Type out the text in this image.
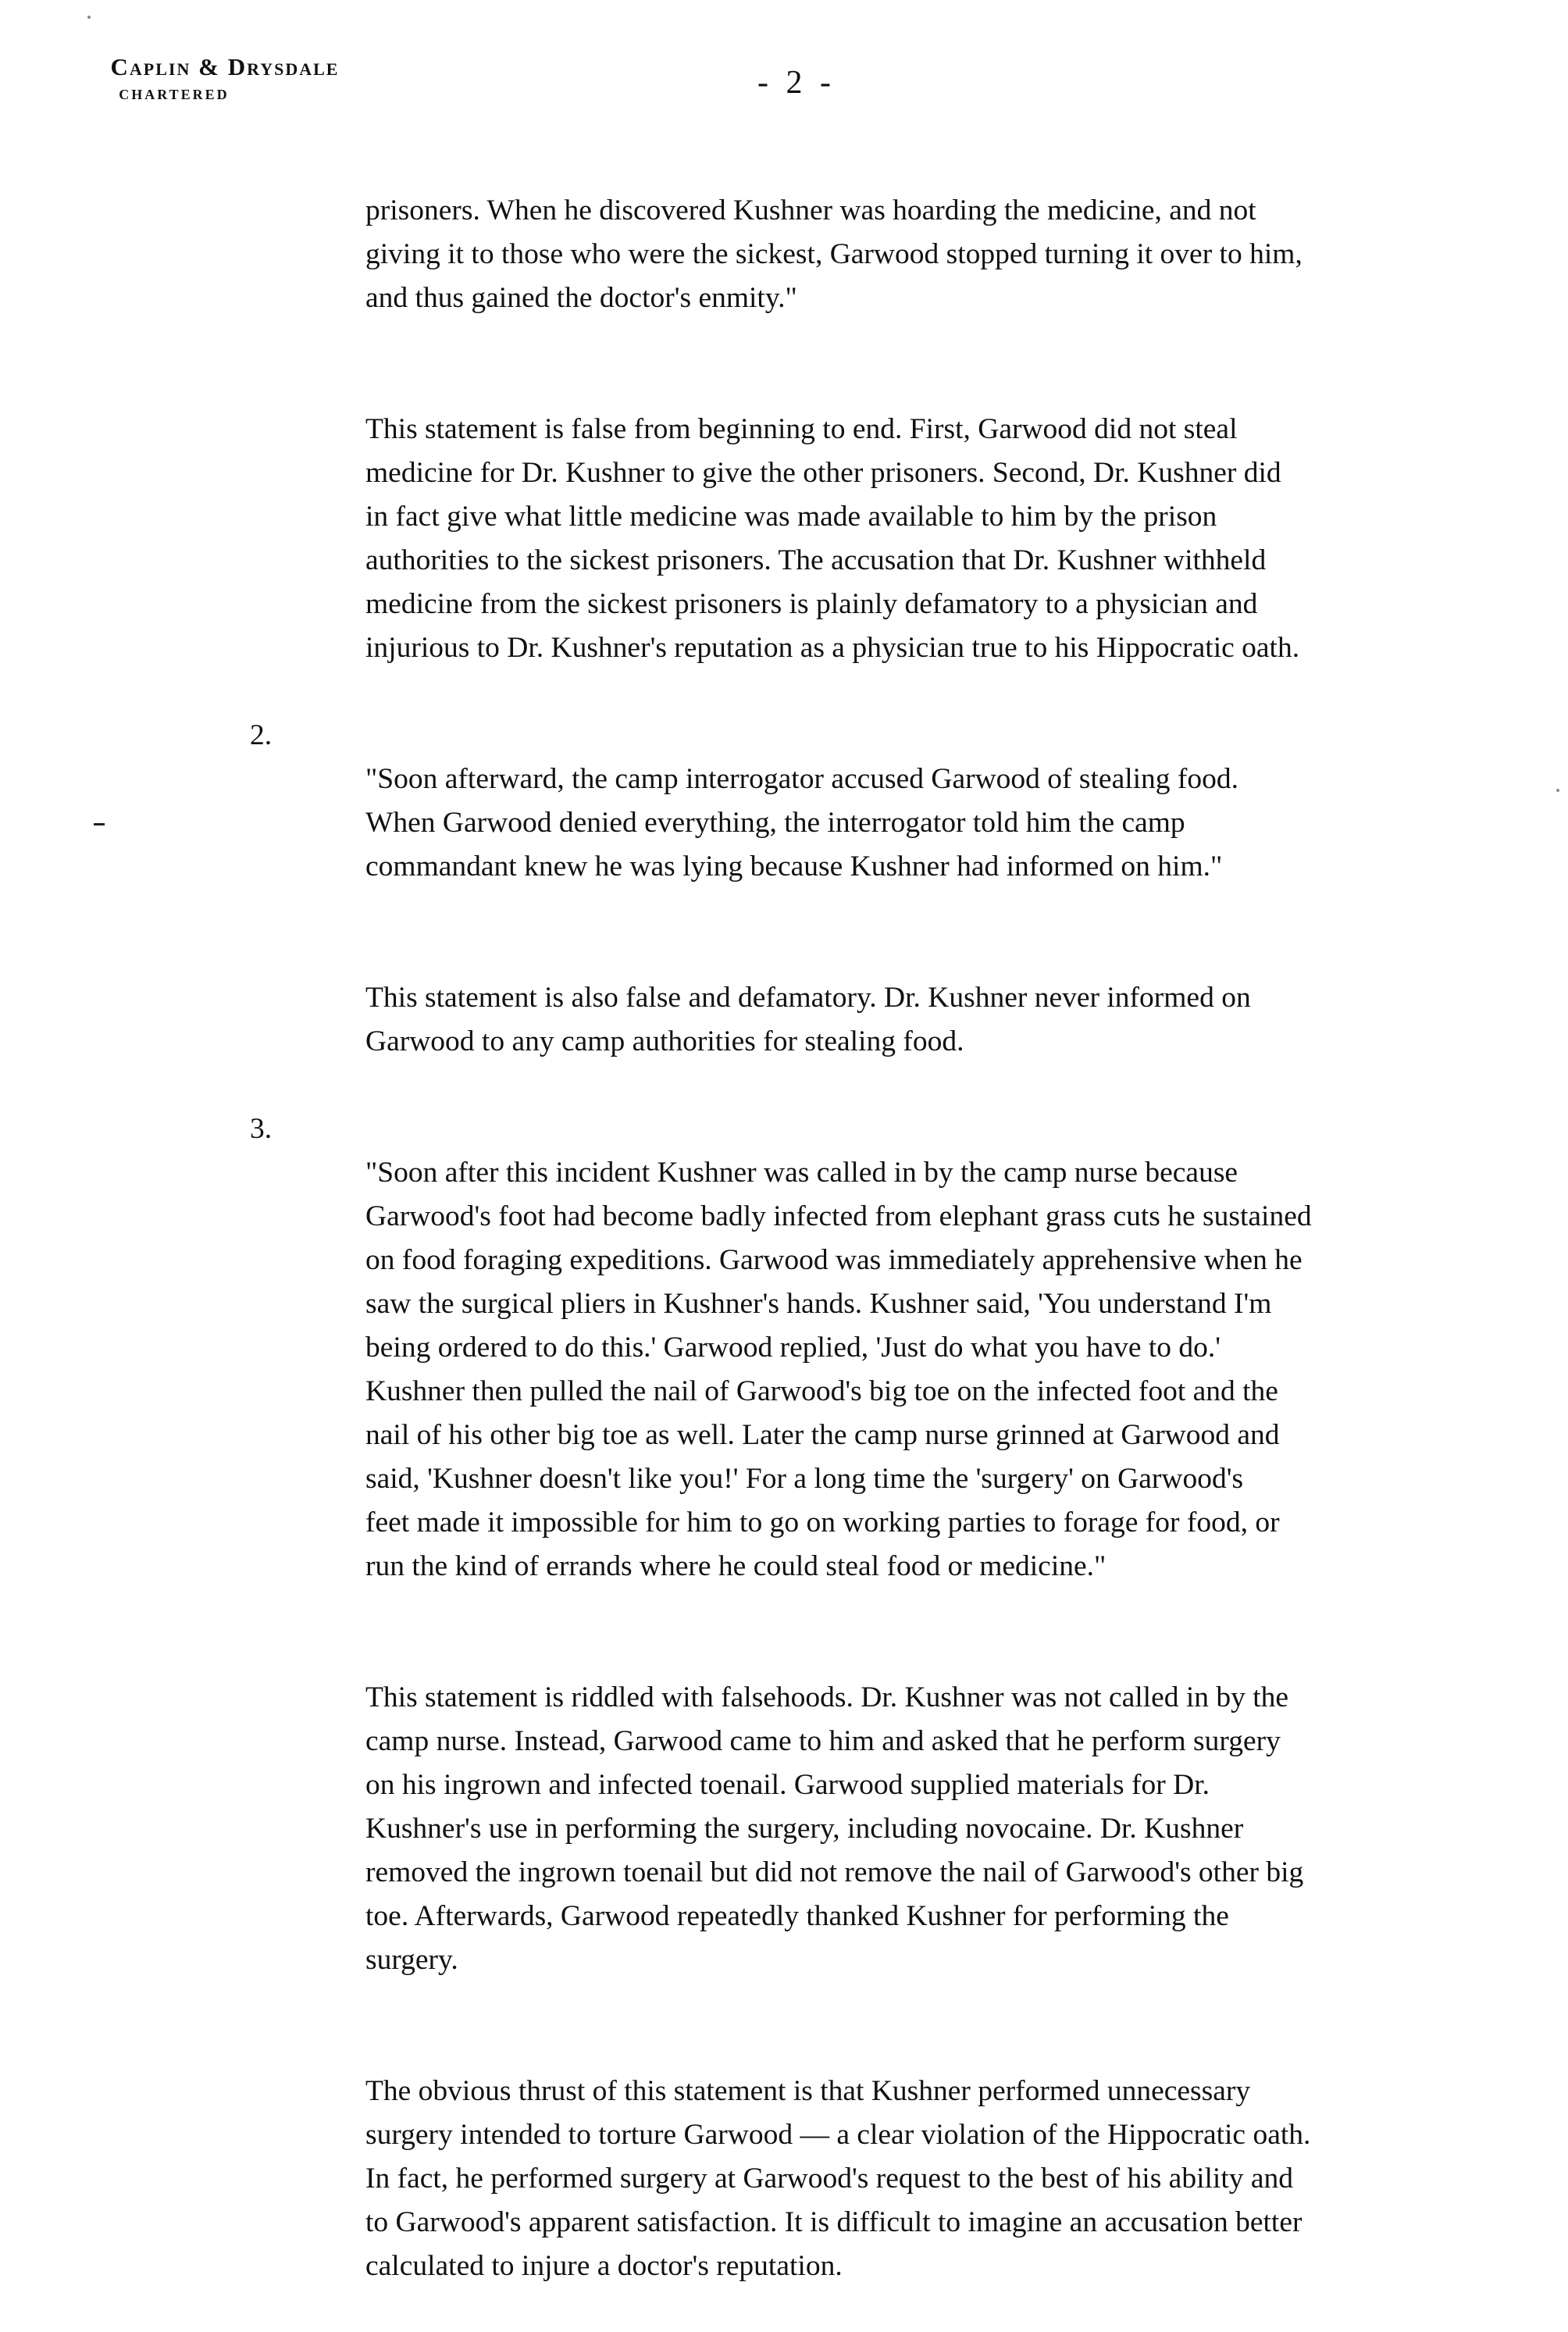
Caplin & Drysdale
CHARTERED	- 2 -

prisoners. When he discovered Kushner was hoarding the medicine, and not
giving it to those who were the sickest, Garwood stopped turning it over to him,
and thus gained the doctor's enmity."

This statement is false from beginning to end. First, Garwood did not steal
medicine for Dr. Kushner to give the other prisoners. Second, Dr. Kushner did
in fact give what little medicine was made available to him by the prison
authorities to the sickest prisoners. The accusation that Dr. Kushner withheld
medicine from the sickest prisoners is plainly defamatory to a physician and
injurious to Dr. Kushner's reputation as a physician true to his Hippocratic oath.

2.
"Soon afterward, the camp interrogator accused Garwood of stealing food.
When Garwood denied everything, the interrogator told him the camp
commandant knew he was lying because Kushner had informed on him."

This statement is also false and defamatory. Dr. Kushner never informed on
Garwood to any camp authorities for stealing food.

3.
"Soon after this incident Kushner was called in by the camp nurse because
Garwood's foot had become badly infected from elephant grass cuts he sustained
on food foraging expeditions. Garwood was immediately apprehensive when he
saw the surgical pliers in Kushner's hands. Kushner said, 'You understand I'm
being ordered to do this.' Garwood replied, 'Just do what you have to do.'
Kushner then pulled the nail of Garwood's big toe on the infected foot and the
nail of his other big toe as well. Later the camp nurse grinned at Garwood and
said, 'Kushner doesn't like you!' For a long time the 'surgery' on Garwood's
feet made it impossible for him to go on working parties to forage for food, or
run the kind of errands where he could steal food or medicine."

This statement is riddled with falsehoods. Dr. Kushner was not called in by the
camp nurse. Instead, Garwood came to him and asked that he perform surgery
on his ingrown and infected toenail. Garwood supplied materials for Dr.
Kushner's use in performing the surgery, including novocaine. Dr. Kushner
removed the ingrown toenail but did not remove the nail of Garwood's other big
toe. Afterwards, Garwood repeatedly thanked Kushner for performing the
surgery.

The obvious thrust of this statement is that Kushner performed unnecessary
surgery intended to torture Garwood — a clear violation of the Hippocratic oath.
In fact, he performed surgery at Garwood's request to the best of his ability and
to Garwood's apparent satisfaction. It is difficult to imagine an accusation better
calculated to injure a doctor's reputation.
